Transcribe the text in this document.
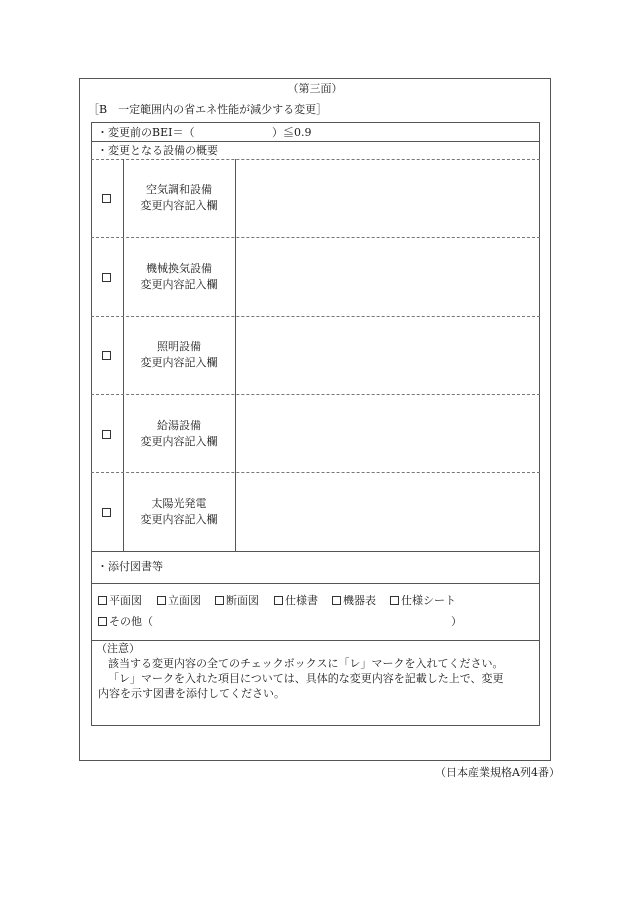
（第三面）
［B　一定範囲内の省エネ性能が減少する変更］
・変更前のBEI＝（	）≦0.9
・変更となる設備の概要
空気調和設備
変更内容記入欄
機械換気設備
変更内容記入欄
照明設備
変更内容記入欄
給湯設備
変更内容記入欄
太陽光発電
変更内容記入欄
・添付図書等
平面図	立面図	断面図	仕様書	機器表	仕様シート
その他（	）
（注意）
該当する変更内容の全てのチェックボックスに「レ」マークを入れてください。
「レ」マークを入れた項目については、具体的な変更内容を記載した上で、変更
内容を示す図書を添付してください。
（日本産業規格A列4番）
